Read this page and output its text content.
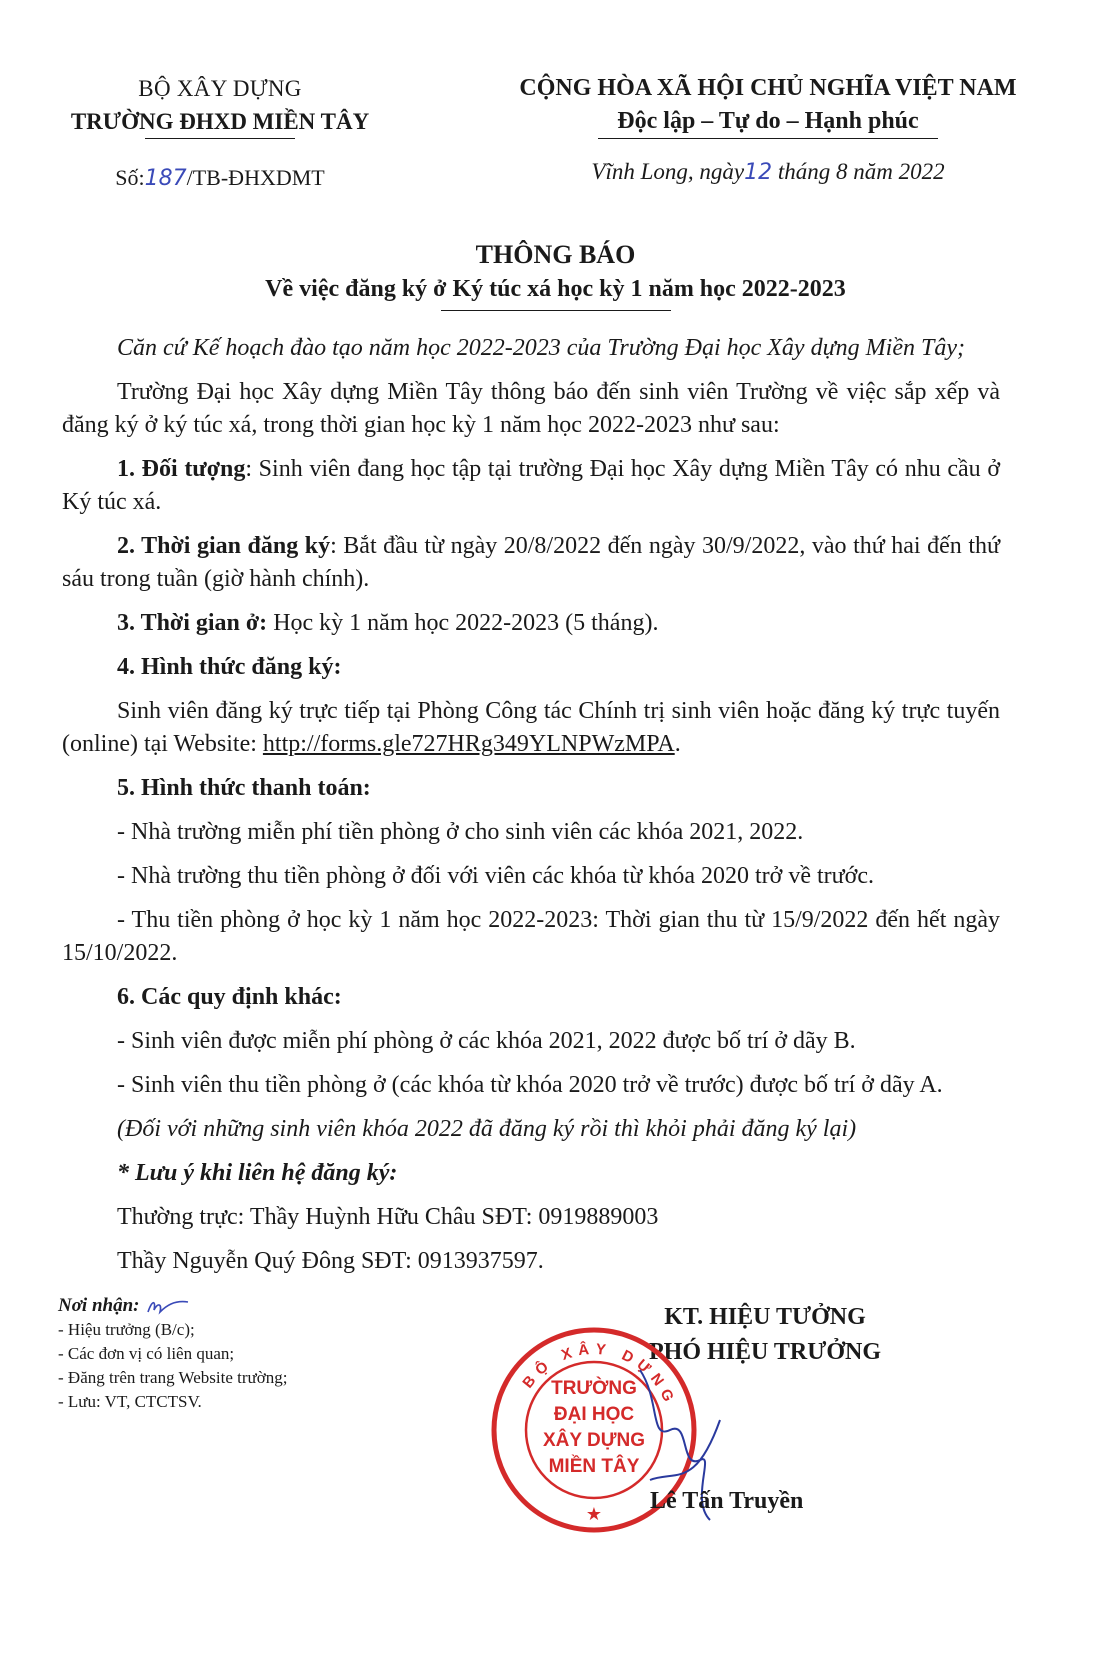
BỘ XÂY DỰNG
TRƯỜNG ĐHXD MIỀN TÂY
Số:187/TB-ĐHXDMT
CỘNG HÒA XÃ HỘI CHỦ NGHĨA VIỆT NAM
Độc lập – Tự do – Hạnh phúc
Vĩnh Long, ngày12 tháng 8 năm 2022
THÔNG BÁO
Về việc đăng ký ở Ký túc xá học kỳ 1 năm học 2022-2023

Căn cứ Kế hoạch đào tạo năm học 2022-2023 của Trường Đại học Xây dựng Miền Tây;

Trường Đại học Xây dựng Miền Tây thông báo đến sinh viên Trường về việc sắp xếp và đăng ký ở ký túc xá, trong thời gian học kỳ 1 năm học 2022-2023 như sau:

1. Đối tượng: Sinh viên đang học tập tại trường Đại học Xây dựng Miền Tây có nhu cầu ở Ký túc xá.

2. Thời gian đăng ký: Bắt đầu từ ngày 20/8/2022 đến ngày 30/9/2022, vào thứ hai đến thứ sáu trong tuần (giờ hành chính).

3. Thời gian ở: Học kỳ 1 năm học 2022-2023 (5 tháng).

4. Hình thức đăng ký:

Sinh viên đăng ký trực tiếp tại Phòng Công tác Chính trị sinh viên hoặc đăng ký trực tuyến (online) tại Website: http://forms.gle727HRg349YLNPWzMPA.

5. Hình thức thanh toán:

- Nhà trường miễn phí tiền phòng ở cho sinh viên các khóa 2021, 2022.

- Nhà trường thu tiền phòng ở đối với viên các khóa từ khóa 2020 trở về trước.

- Thu tiền phòng ở học kỳ 1 năm học 2022-2023: Thời gian thu từ 15/9/2022 đến hết ngày 15/10/2022.

6. Các quy định khác:

- Sinh viên được miễn phí phòng ở các khóa 2021, 2022 được bố trí ở dãy B.

- Sinh viên thu tiền phòng ở (các khóa từ khóa 2020 trở về trước) được bố trí ở dãy A.

(Đối với những sinh viên khóa 2022 đã đăng ký rồi thì khỏi phải đăng ký lại)

* Lưu ý khi liên hệ đăng ký:

Thường trực: Thầy Huỳnh Hữu Châu SĐT: 0919889003

Thầy Nguyễn Quý Đông SĐT: 0913937597.

Nơi nhận:
- Hiệu trưởng (B/c);
- Các đơn vị có liên quan;
- Đăng trên trang Website trường;
- Lưu: VT, CTCTSV.
KT. HIỆU TƯỞNG
PHÓ HIỆU TRƯỞNG
BỘ XÂY DỰNG
TRƯỜNG
ĐẠI HỌC
XÂY DỰNG
MIỀN TÂY
★
Lê Tấn Truyền
